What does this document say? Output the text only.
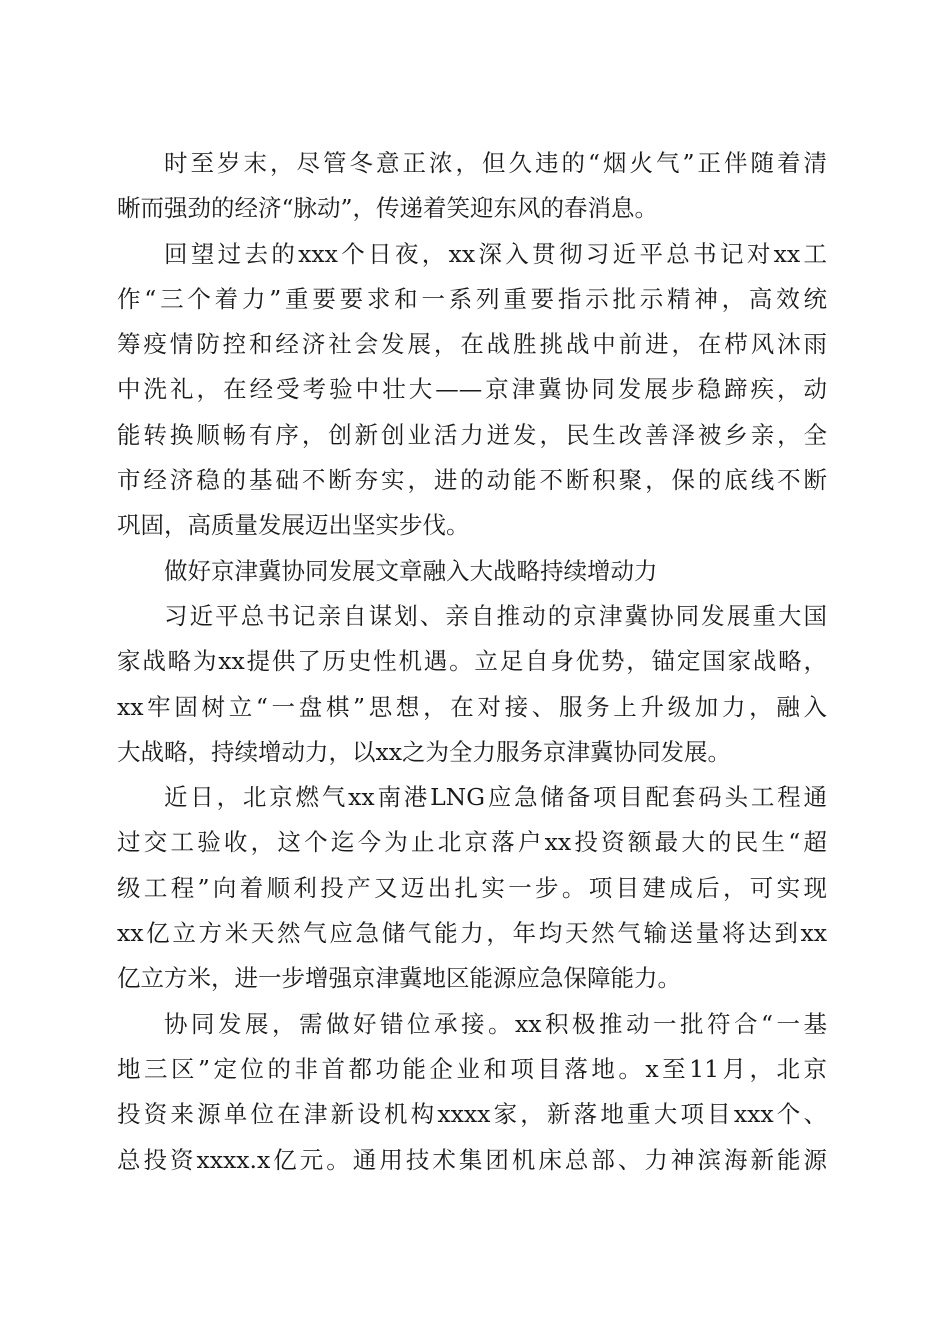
时至岁末，尽管冬意正浓，但久违的“烟火气”正伴随着清
晰而强劲的经济“脉动”，传递着笑迎东风的春消息。
回望过去的xxx个日夜，xx深入贯彻习近平总书记对xx工
作“三个着力”重要要求和一系列重要指示批示精神，高效统
筹疫情防控和经济社会发展，在战胜挑战中前进，在栉风沐雨
中洗礼，在经受考验中壮大——京津冀协同发展步稳蹄疾，动
能转换顺畅有序，创新创业活力迸发，民生改善泽被乡亲，全
市经济稳的基础不断夯实，进的动能不断积聚，保的底线不断
巩固，高质量发展迈出坚实步伐。
做好京津冀协同发展文章融入大战略持续增动力
习近平总书记亲自谋划、亲自推动的京津冀协同发展重大国
家战略为xx提供了历史性机遇。立足自身优势，锚定国家战略，
xx牢固树立“一盘棋”思想，在对接、服务上升级加力，融入
大战略，持续增动力，以xx之为全力服务京津冀协同发展。
近日，北京燃气xx南港LNG应急储备项目配套码头工程通
过交工验收，这个迄今为止北京落户xx投资额最大的民生“超
级工程”向着顺利投产又迈出扎实一步。项目建成后，可实现
xx亿立方米天然气应急储气能力，年均天然气输送量将达到xx
亿立方米，进一步增强京津冀地区能源应急保障能力。
协同发展，需做好错位承接。xx积极推动一批符合“一基
地三区”定位的非首都功能企业和项目落地。x至11月，北京
投资来源单位在津新设机构xxxx家，新落地重大项目xxx个、
总投资xxxx.x亿元。通用技术集团机床总部、力神滨海新能源
